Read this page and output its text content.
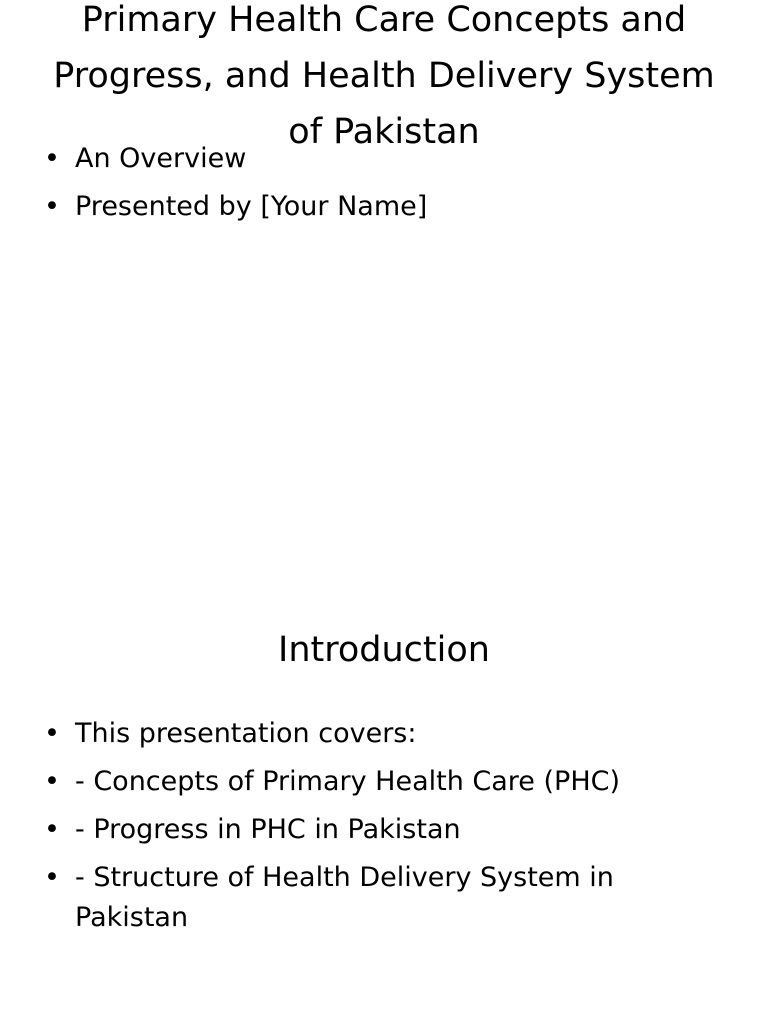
Primary Health Care Concepts and Progress, and Health Delivery System of Pakistan
• An Overview
• Presented by [Your Name]
Introduction
• This presentation covers:
• - Concepts of Primary Health Care (PHC)
• - Progress in PHC in Pakistan
• - Structure of Health Delivery System in Pakistan
